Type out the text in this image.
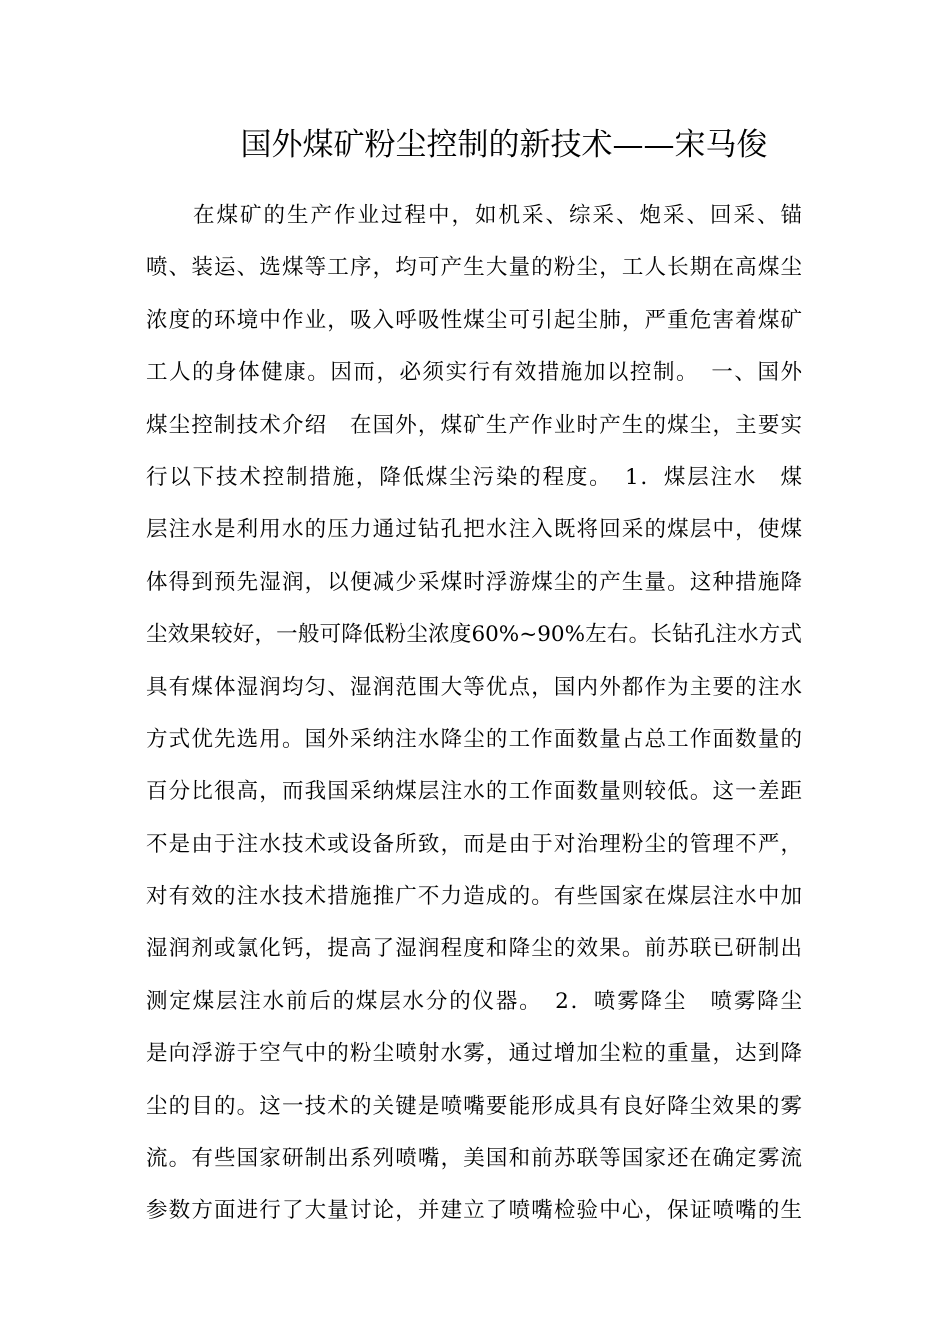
国外煤矿粉尘控制的新技术——宋马俊
　　在煤矿的生产作业过程中，如机采、综采、炮采、回采、锚
喷、装运、选煤等工序，均可产生大量的粉尘，工人长期在高煤尘
浓度的环境中作业，吸入呼吸性煤尘可引起尘肺，严重危害着煤矿
工人的身体健康。因而，必须实行有效措施加以控制。　一、国外
煤尘控制技术介绍　在国外，煤矿生产作业时产生的煤尘，主要实
行以下技术控制措施，降低煤尘污染的程度。　1．煤层注水　煤
层注水是利用水的压力通过钻孔把水注入既将回采的煤层中，使煤
体得到预先湿润，以便减少采煤时浮游煤尘的产生量。这种措施降
尘效果较好，一般可降低粉尘浓度60%~90%左右。长钻孔注水方式
具有煤体湿润均匀、湿润范围大等优点，国内外都作为主要的注水
方式优先选用。国外采纳注水降尘的工作面数量占总工作面数量的
百分比很高，而我国采纳煤层注水的工作面数量则较低。这一差距
不是由于注水技术或设备所致，而是由于对治理粉尘的管理不严，
对有效的注水技术措施推广不力造成的。有些国家在煤层注水中加
湿润剂或氯化钙，提高了湿润程度和降尘的效果。前苏联已研制出
测定煤层注水前后的煤层水分的仪器。　2．喷雾降尘　喷雾降尘
是向浮游于空气中的粉尘喷射水雾，通过增加尘粒的重量，达到降
尘的目的。这一技术的关键是喷嘴要能形成具有良好降尘效果的雾
流。有些国家研制出系列喷嘴，美国和前苏联等国家还在确定雾流
参数方面进行了大量讨论，并建立了喷嘴检验中心，保证喷嘴的生
